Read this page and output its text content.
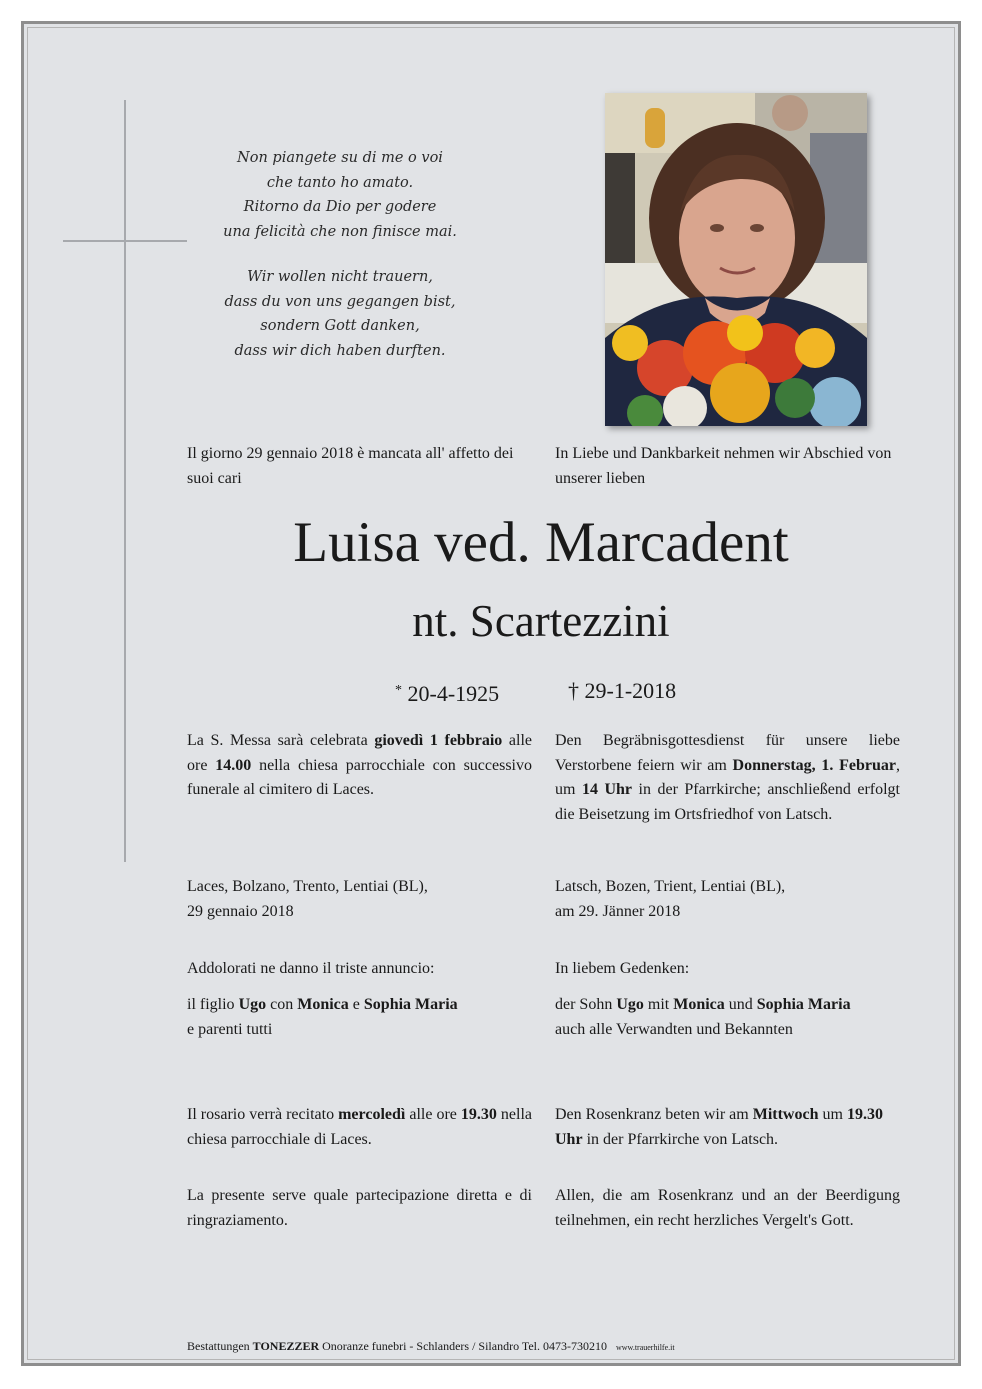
Non piangete su di me o voi
che tanto ho amato.
Ritorno da Dio per godere
una felicità che non finisce mai.
Wir wollen nicht trauern,
dass du von uns gegangen bist,
sondern Gott danken,
dass wir dich haben durften.
Il giorno 29 gennaio 2018 è mancata all' affetto dei suoi cari
In Liebe und Dankbarkeit nehmen wir Abschied von unserer lieben
Luisa ved. Marcadent
nt. Scartezzini
* 20-4-1925	† 29-1-2018
La S. Messa sarà celebrata giovedì 1 febbraio alle ore 14.00 nella chiesa parrocchiale con successivo funerale al cimitero di Laces.
Den Begräbnisgottesdienst für unsere liebe Verstorbene feiern wir am Donnerstag, 1. Februar, um 14 Uhr in der Pfarrkirche; anschließend erfolgt die Beisetzung im Ortsfriedhof von Latsch.
Laces, Bolzano, Trento, Lentiai (BL),
29 gennaio 2018
Latsch, Bozen, Trient, Lentiai (BL),
am 29. Jänner 2018
Addolorati ne danno il triste annuncio:	In liebem Gedenken:
il figlio Ugo con Monica e Sophia Maria
e parenti tutti
der Sohn Ugo mit Monica und Sophia Maria
auch alle Verwandten und Bekannten
Il rosario verrà recitato mercoledì alle ore 19.30 nella chiesa parrocchiale di Laces.
Den Rosenkranz beten wir am Mittwoch um 19.30 Uhr in der Pfarrkirche von Latsch.
La presente serve quale partecipazione diretta e di ringraziamento.
Allen, die am Rosenkranz und an der Beerdigung teilnehmen, ein recht herzliches Vergelt's Gott.
Bestattungen TONEZZER Onoranze funebri - Schlanders / Silandro Tel. 0473-730210 www.trauerhilfe.it
